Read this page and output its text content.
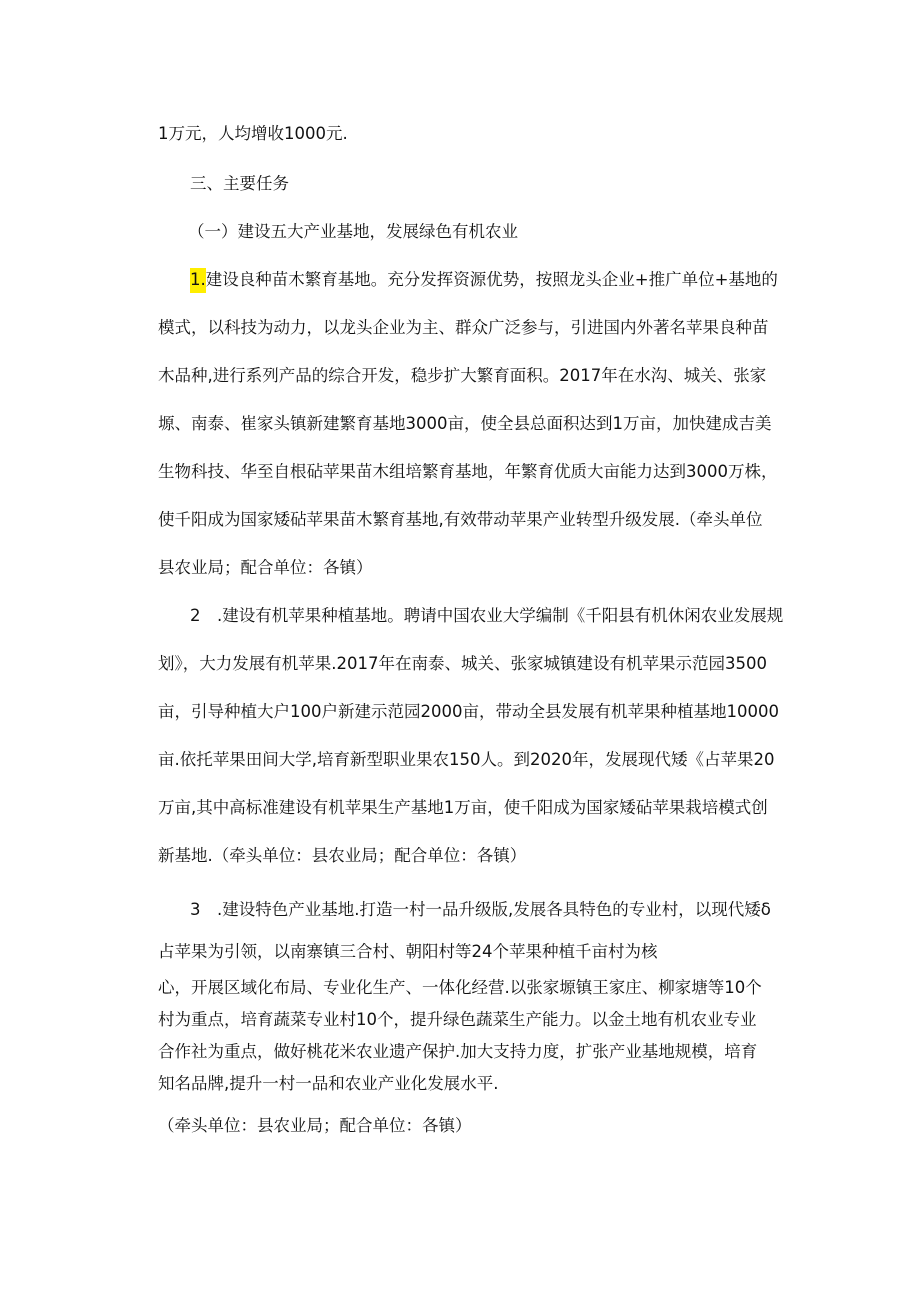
1万元，人均增收1000元.

三、主要任务

（一）建设五大产业基地，发展绿色有机农业

1.建设良种苗木繁育基地。充分发挥资源优势，按照龙头企业+推广单位+基地的

模式，以科技为动力，以龙头企业为主、群众广泛参与，引进国内外著名苹果良种苗

木品种,进行系列产品的综合开发，稳步扩大繁育面积。2017年在水沟、城关、张家

塬、南泰、崔家头镇新建繁育基地3000亩，使全县总面积达到1万亩，加快建成吉美

生物科技、华至自根砧苹果苗木组培繁育基地，年繁育优质大亩能力达到3000万株，

使千阳成为国家矮砧苹果苗木繁育基地,有效带动苹果产业转型升级发展.（牵头单位

县农业局；配合单位：各镇）

2　.建设有机苹果种植基地。聘请中国农业大学编制《千阳县有机休闲农业发展规

划》，大力发展有机苹果.2017年在南泰、城关、张家城镇建设有机苹果示范园3500

亩，引导种植大户100户新建示范园2000亩，带动全县发展有机苹果种植基地10000

亩.依托苹果田间大学,培育新型职业果农150人。到2020年，发展现代矮《占苹果20

万亩,其中高标准建设有机苹果生产基地1万亩，使千阳成为国家矮砧苹果栽培模式创

新基地.（牵头单位：县农业局；配合单位：各镇）

3　.建设特色产业基地.打造一村一品升级版,发展各具特色的专业村，以现代矮δ

占苹果为引领，以南寨镇三合村、朝阳村等24个苹果种植千亩村为核

心，开展区域化布局、专业化生产、一体化经营.以张家塬镇王家庄、柳家塘等10个

村为重点，培育蔬菜专业村10个，提升绿色蔬菜生产能力。以金土地有机农业专业

合作社为重点，做好桃花米农业遗产保护.加大支持力度，扩张产业基地规模，培育

知名品牌,提升一村一品和农业产业化发展水平.

（牵头单位：县农业局；配合单位：各镇）
